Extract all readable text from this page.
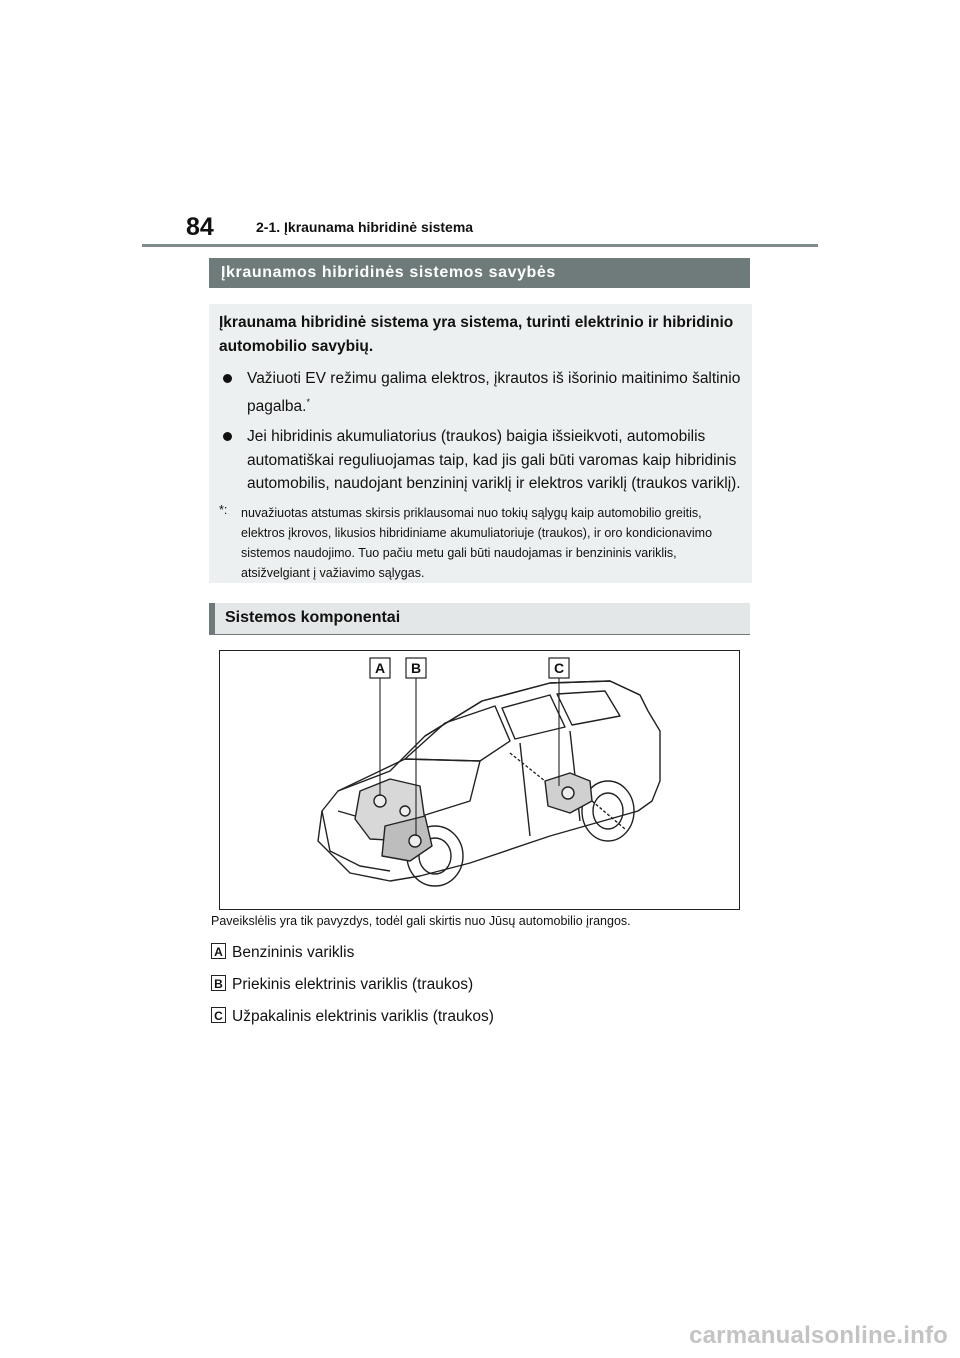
84	2-1. Įkraunama hibridinė sistema
Įkraunamos hibridinės sistemos savybės

Įkraunama hibridinė sistema yra sistema, turinti elektrinio ir hibridinio automobilio savybių.

Važiuoti EV režimu galima elektros, įkrautos iš išorinio maitinimo šaltinio pagalba.*
Jei hibridinis akumuliatorius (traukos) baigia išsieikvoti, automobilis automatiškai reguliuojamas taip, kad jis gali būti varomas kaip hibridinis automobilis, naudojant benzininį variklį ir elektros variklį (traukos variklį).
*: nuvažiuotas atstumas skirsis priklausomai nuo tokių sąlygų kaip automobilio greitis, elektros įkrovos, likusios hibridiniame akumuliatoriuje (traukos), ir oro kondicionavimo sistemos naudojimo. Tuo pačiu metu gali būti naudojamas ir benzininis variklis, atsižvelgiant į važiavimo sąlygas.
Sistemos komponentai
A B	C
Paveikslėlis yra tik pavyzdys, todėl gali skirtis nuo Jūsų automobilio įrangos.
A Benzininis variklis
B Priekinis elektrinis variklis (traukos)
C Užpakalinis elektrinis variklis (traukos)
carmanualsonline.info
